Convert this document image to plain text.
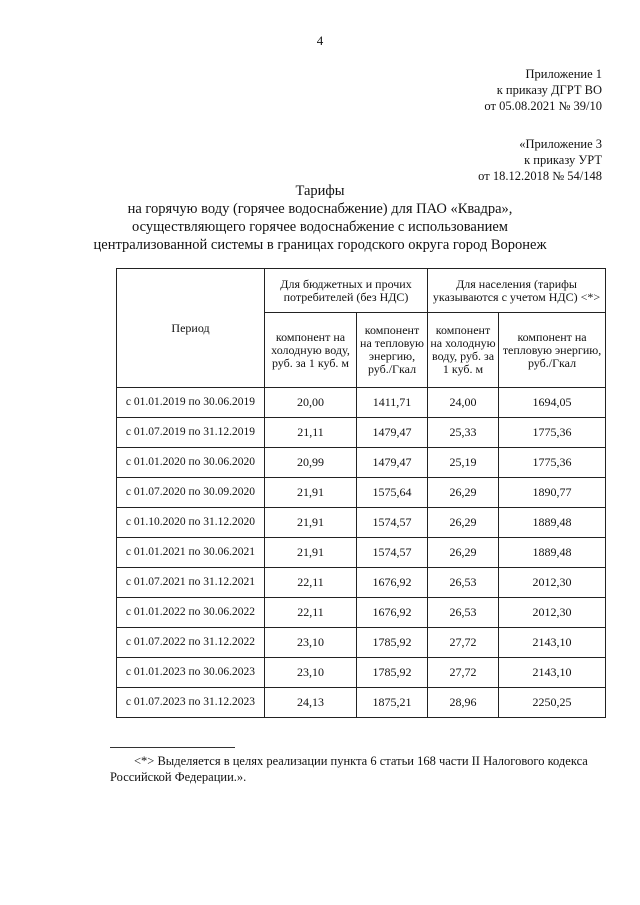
4
Приложение 1
к приказу ДГРТ ВО
от 05.08.2021 № 39/10
«Приложение 3
к приказу УРТ
от 18.12.2018 № 54/148
Тарифы
на горячую воду (горячее водоснабжение) для ПАО «Квадра»,
осуществляющего горячее водоснабжение с использованием
централизованной системы в границах городского округа город Воронеж
Период	Для бюджетных и прочих потребителей (без НДС)		Для населения (тарифы указываются с учетом НДС) <*>	
	компонент на холодную воду, руб. за 1 куб. м	компонент на тепловую энергию, руб./Гкал	компонент на холодную воду, руб. за 1 куб. м	компонент на тепловую энергию, руб./Гкал
с 01.01.2019 по 30.06.2019	20,00	1411,71	24,00	1694,05
с 01.07.2019 по 31.12.2019	21,11	1479,47	25,33	1775,36
с 01.01.2020 по 30.06.2020	20,99	1479,47	25,19	1775,36
с 01.07.2020 по 30.09.2020	21,91	1575,64	26,29	1890,77
с 01.10.2020 по 31.12.2020	21,91	1574,57	26,29	1889,48
с 01.01.2021 по 30.06.2021	21,91	1574,57	26,29	1889,48
с 01.07.2021 по 31.12.2021	22,11	1676,92	26,53	2012,30
с 01.01.2022 по 30.06.2022	22,11	1676,92	26,53	2012,30
с 01.07.2022 по 31.12.2022	23,10	1785,92	27,72	2143,10
с 01.01.2023 по 30.06.2023	23,10	1785,92	27,72	2143,10
с 01.07.2023 по 31.12.2023	24,13	1875,21	28,96	2250,25
<*> Выделяется в целях реализации пункта 6 статьи 168 части II Налогового кодекса Российской Федерации.».
